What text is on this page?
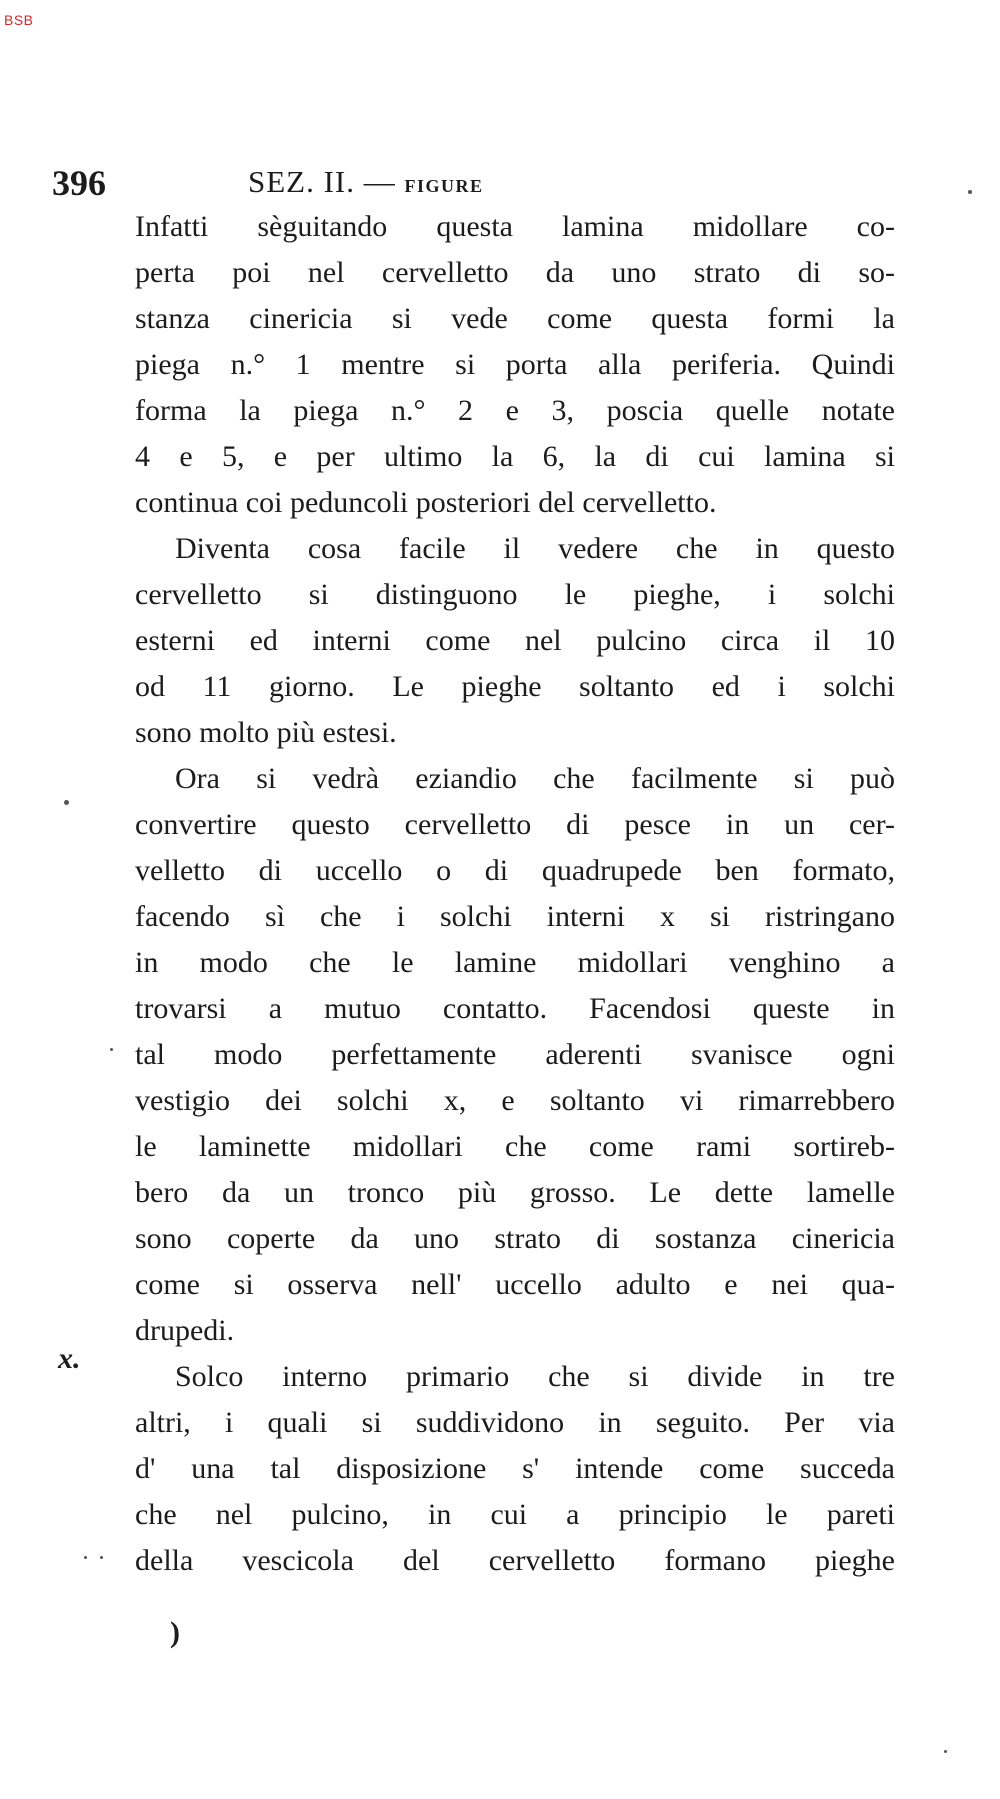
BSB
396	SEZ. II. — FIGURE
Infatti sèguitando questa lamina midollare co-
perta poi nel cervelletto da uno strato di so-
stanza cinericia si vede come questa formi la
piega n.° 1 mentre si porta alla periferia. Quindi
forma la piega n.° 2 e 3, poscia quelle notate
4 e 5, e per ultimo la 6, la di cui lamina si
continua coi peduncoli posteriori del cervelletto.
Diventa cosa facile il vedere che in questo
cervelletto si distinguono le pieghe, i solchi
esterni ed interni come nel pulcino circa il 10
od 11 giorno. Le pieghe soltanto ed i solchi
sono molto più estesi.
Ora si vedrà eziandio che facilmente si può
convertire questo cervelletto di pesce in un cer-
velletto di uccello o di quadrupede ben formato,
facendo sì che i solchi interni x si ristringano
in modo che le lamine midollari venghino a
trovarsi a mutuo contatto. Facendosi queste in
tal modo perfettamente aderenti svanisce ogni
vestigio dei solchi x, e soltanto vi rimarrebbero
le laminette midollari che come rami sortireb-
bero da un tronco più grosso. Le dette lamelle
sono coperte da uno strato di sostanza cinericia
come si osserva nell' uccello adulto e nei qua-
drupedi.
Solco interno primario che si divide in tre
altri, i quali si suddividono in seguito. Per via
d' una tal disposizione s' intende come succeda
che nel pulcino, in cui a principio le pareti
della vescicola del cervelletto formano pieghe
x.
)
